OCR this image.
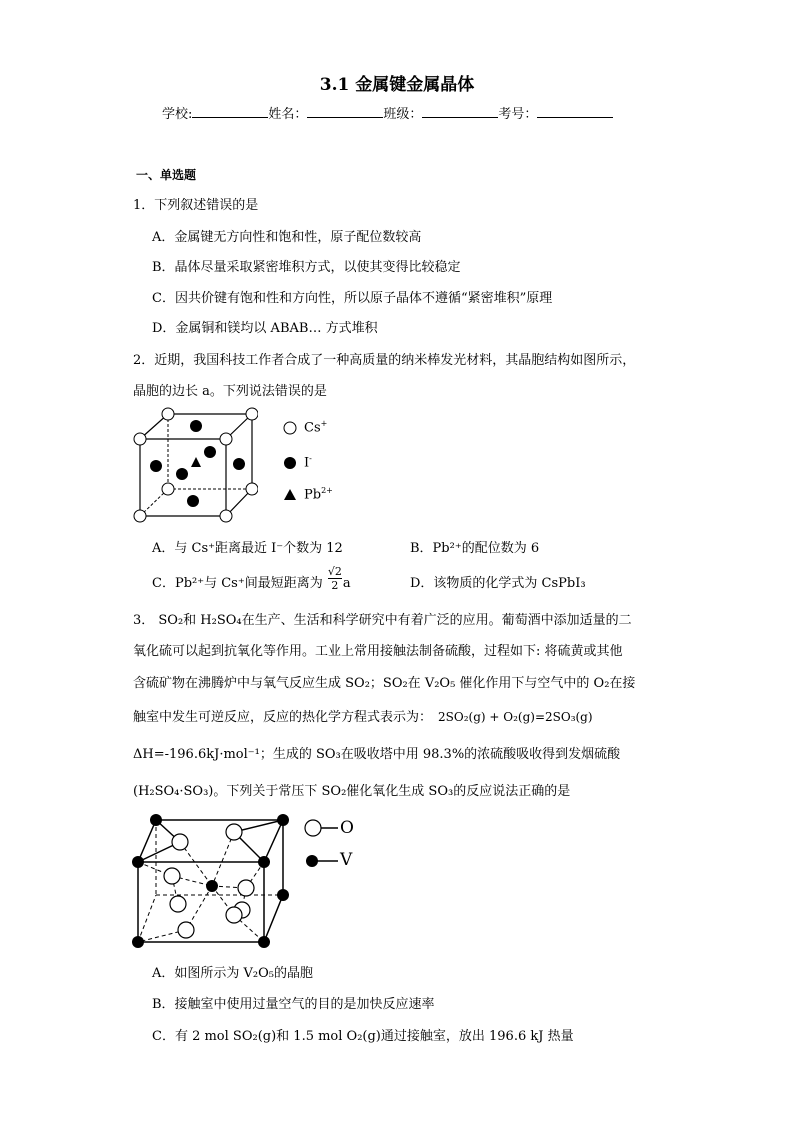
3.1 金属键金属晶体
学校:	姓名：	班级：	考号：
一、单选题
1．下列叙述错误的是
A．金属键无方向性和饱和性，原子配位数较高
B．晶体尽量采取紧密堆积方式，以使其变得比较稳定
C．因共价键有饱和性和方向性，所以原子晶体不遵循“紧密堆积”原理
D．金属铜和镁均以 ABAB… 方式堆积
2．近期，我国科技工作者合成了一种高质量的纳米棒发光材料，其晶胞结构如图所示，
晶胞的边长 a。下列说法错误的是
Cs+
I-
$Pb^{2+}$
A．与 Cs⁺距离最近 I⁻个数为 12	B．Pb²⁺的配位数为 6
C．Pb²⁺与 Cs⁺间最短距离为 $\frac{√2}{2}$ a	D．该物质的化学式为 CsPbI₃
3． SO₂和 H₂SO₄在生产、生活和科学研究中有着广泛的应用。葡萄酒中添加适量的二
氧化硫可以起到抗氧化等作用。工业上常用接触法制备硫酸，过程如下: 将硫黄或其他
含硫矿物在沸腾炉中与氧气反应生成 SO₂；SO₂在 V₂O₅ 催化作用下与空气中的 O₂在接
触室中发生可逆反应，反应的热化学方程式表示为： 2SO₂(g) + O₂(g)=2SO₃(g)
ΔH=-196.6kJ·mol⁻¹；生成的 SO₃在吸收塔中用 98.3%的浓硫酸吸收得到发烟硫酸
(H₂SO₄·SO₃)。下列关于常压下 SO₂催化氧化生成 SO₃的反应说法正确的是
O
V
A．如图所示为 V₂O₅的晶胞
B．接触室中使用过量空气的目的是加快反应速率
C．有 2 mol SO₂(g)和 1.5 mol O₂(g)通过接触室，放出 196.6 kJ 热量
